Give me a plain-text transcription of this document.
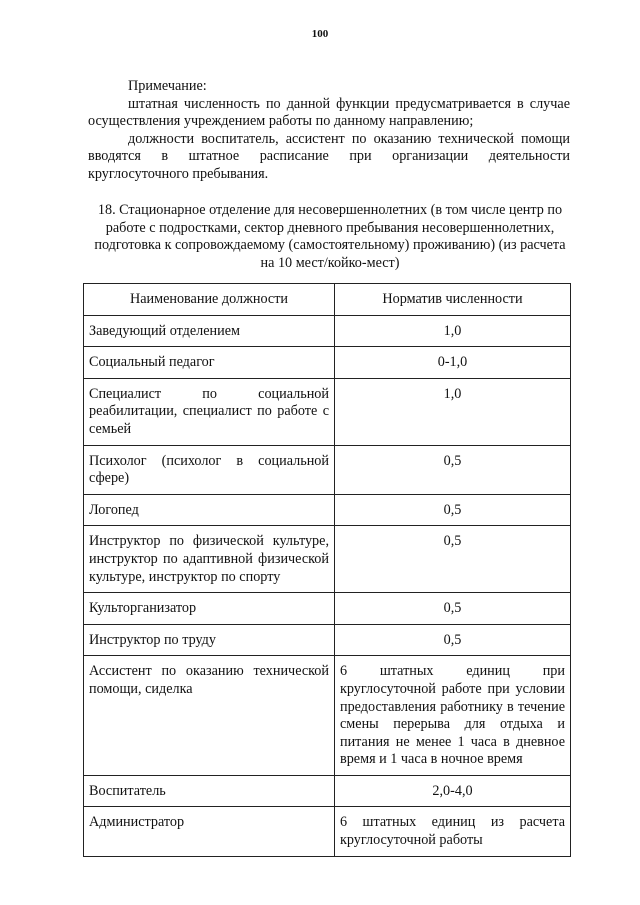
100

Примечание:

штатная численность по данной функции предусматривается в случае осуществления учреждением работы по данному направлению;

должности воспитатель, ассистент по оказанию технической помощи вводятся в штатное расписание при организации деятельности круглосуточного пребывания.

18. Стационарное отделение для несовершеннолетних (в том числе центр по работе с подростками, сектор дневного пребывания несовершеннолетних, подготовка к сопровождаемому (самостоятельному) проживанию) (из расчета на 10 мест/койко-мест)
Наименование должности	Норматив численности
Заведующий отделением	1,0
Социальный педагог	0-1,0
Специалист по социальной реабилитации, специалист по работе с семьей	1,0
Психолог (психолог в социальной сфере)	0,5
Логопед	0,5
Инструктор по физической культуре, инструктор по адаптивной физической культуре, инструктор по спорту	0,5
Культорганизатор	0,5
Инструктор по труду	0,5
Ассистент по оказанию технической помощи, сиделка	6 штатных единиц при круглосуточной работе при условии предоставления работнику в течение смены перерыва для отдыха и питания не менее 1 часа в дневное время и 1 часа в ночное время
Воспитатель	2,0-4,0
Администратор	6 штатных единиц из расчета круглосуточной работы
